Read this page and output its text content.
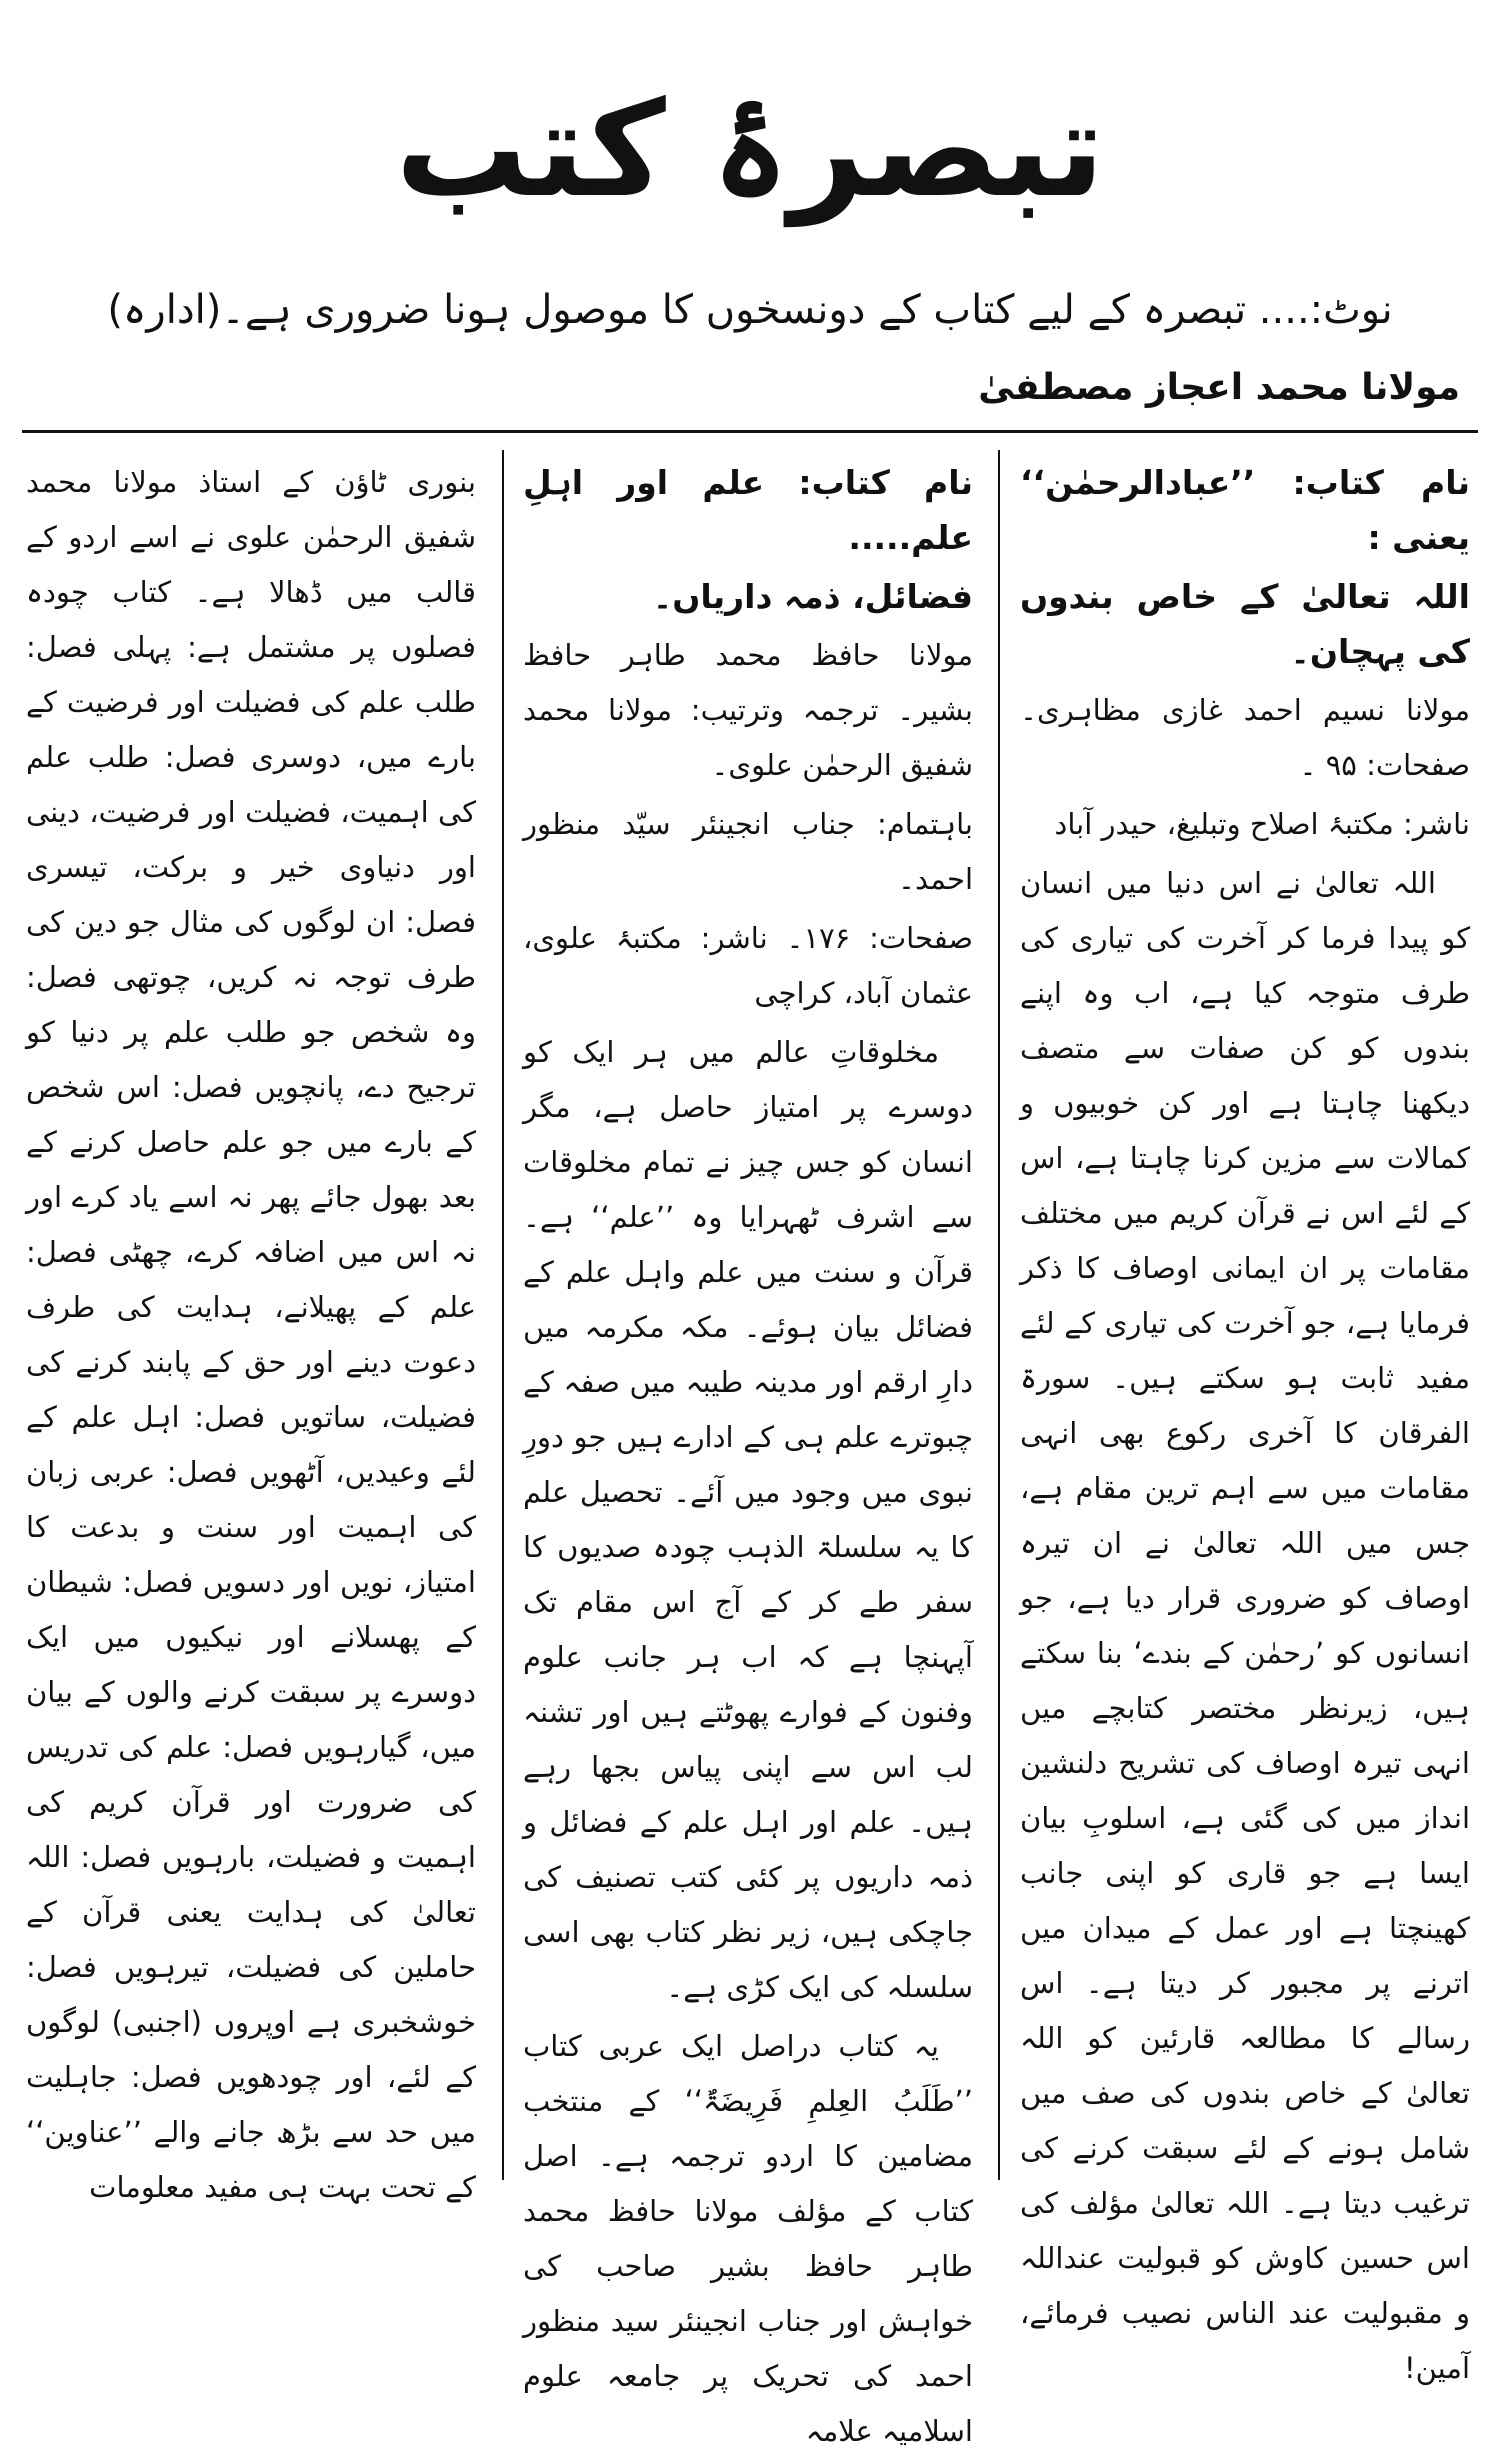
تبصرۂ کتب
نوٹ:.... تبصرہ کے لیے کتاب کے دونسخوں کا موصول ہونا ضروری ہے۔(ادارہ)
مولانا محمد اعجاز مصطفیٰ

نام کتاب: ’’عبادالرحمٰن‘‘ یعنی :

اللہ تعالیٰ کے خاص بندوں کی پہچان۔

مولانا نسیم احمد غازی مظاہری۔ صفحات: ۹۵ ۔

ناشر: مکتبۂ اصلاح وتبلیغ، حیدر آباد

اللہ تعالیٰ نے اس دنیا میں انسان کو پیدا فرما کر آخرت کی تیاری کی طرف متوجہ کیا ہے، اب وہ اپنے بندوں کو کن صفات سے متصف دیکھنا چاہتا ہے اور کن خوبیوں و کمالات سے مزین کرنا چاہتا ہے، اس کے لئے اس نے قرآن کریم میں مختلف مقامات پر ان ایمانی اوصاف کا ذکر فرمایا ہے، جو آخرت کی تیاری کے لئے مفید ثابت ہو سکتے ہیں۔ سورۃ الفرقان کا آخری رکوع بھی انہی مقامات میں سے اہم ترین مقام ہے، جس میں اللہ تعالیٰ نے ان تیرہ اوصاف کو ضروری قرار دیا ہے، جو انسانوں کو ’رحمٰن کے بندے‘ بنا سکتے ہیں، زیرنظر مختصر کتابچے میں انہی تیرہ اوصاف کی تشریح دلنشین انداز میں کی گئی ہے، اسلوبِ بیان ایسا ہے جو قاری کو اپنی جانب کھینچتا ہے اور عمل کے میدان میں اترنے پر مجبور کر دیتا ہے۔ اس رسالے کا مطالعہ قارئین کو اللہ تعالیٰ کے خاص بندوں کی صف میں شامل ہونے کے لئے سبقت کرنے کی ترغیب دیتا ہے۔ اللہ تعالیٰ مؤلف کی اس حسین کاوش کو قبولیت عنداللہ و مقبولیت عند الناس نصیب فرمائے، آمین!

نام کتاب: علم اور اہلِ علم.....

فضائل، ذمہ داریاں۔

مولانا حافظ محمد طاہر حافظ بشیر۔ ترجمہ وترتیب: مولانا محمد شفیق الرحمٰن علوی۔

باہتمام: جناب انجینئر سیّد منظور احمد۔

صفحات: ۱۷۶۔ ناشر: مکتبۂ علوی، عثمان آباد، کراچی

مخلوقاتِ عالم میں ہر ایک کو دوسرے پر امتیاز حاصل ہے، مگر انسان کو جس چیز نے تمام مخلوقات سے اشرف ٹھہرایا وہ ’’علم‘‘ ہے۔ قرآن و سنت میں علم واہل علم کے فضائل بیان ہوئے۔ مکہ مکرمہ میں دارِ ارقم اور مدینہ طیبہ میں صفہ کے چبوترے علم ہی کے ادارے ہیں جو دورِ نبوی میں وجود میں آئے۔ تحصیل علم کا یہ سلسلۃ الذہب چودہ صدیوں کا سفر طے کر کے آج اس مقام تک آپہنچا ہے کہ اب ہر جانب علوم وفنون کے فوارے پھوٹتے ہیں اور تشنہ لب اس سے اپنی پیاس بجھا رہے ہیں۔ علم اور اہل علم کے فضائل و ذمہ داریوں پر کئی کتب تصنیف کی جاچکی ہیں، زیر نظر کتاب بھی اسی سلسلہ کی ایک کڑی ہے۔

یہ کتاب دراصل ایک عربی کتاب ’’طَلَبُ العِلمِ فَرِیضَۃٌ‘‘ کے منتخب مضامین کا اردو ترجمہ ہے۔ اصل کتاب کے مؤلف مولانا حافظ محمد طاہر حافظ بشیر صاحب کی خواہش اور جناب انجینئر سید منظور احمد کی تحریک پر جامعہ علوم اسلامیہ علامہ

بنوری ٹاؤن کے استاذ مولانا محمد شفیق الرحمٰن علوی نے اسے اردو کے قالب میں ڈھالا ہے۔ کتاب چودہ فصلوں پر مشتمل ہے: پہلی فصل: طلب علم کی فضیلت اور فرضیت کے بارے میں، دوسری فصل: طلب علم کی اہمیت، فضیلت اور فرضیت، دینی اور دنیاوی خیر و برکت، تیسری فصل: ان لوگوں کی مثال جو دین کی طرف توجہ نہ کریں، چوتھی فصل: وہ شخص جو طلب علم پر دنیا کو ترجیح دے، پانچویں فصل: اس شخص کے بارے میں جو علم حاصل کرنے کے بعد بھول جائے پھر نہ اسے یاد کرے اور نہ اس میں اضافہ کرے، چھٹی فصل: علم کے پھیلانے، ہدایت کی طرف دعوت دینے اور حق کے پابند کرنے کی فضیلت، ساتویں فصل: اہل علم کے لئے وعیدیں، آٹھویں فصل: عربی زبان کی اہمیت اور سنت و بدعت کا امتیاز، نویں اور دسویں فصل: شیطان کے پھسلانے اور نیکیوں میں ایک دوسرے پر سبقت کرنے والوں کے بیان میں، گیارہویں فصل: علم کی تدریس کی ضرورت اور قرآن کریم کی اہمیت و فضیلت، بارہویں فصل: اللہ تعالیٰ کی ہدایت یعنی قرآن کے حاملین کی فضیلت، تیرہویں فصل: خوشخبری ہے اوپروں (اجنبی) لوگوں کے لئے، اور چودھویں فصل: جاہلیت میں حد سے بڑھ جانے والے ’’عناوین‘‘ کے تحت بہت ہی مفید معلومات
